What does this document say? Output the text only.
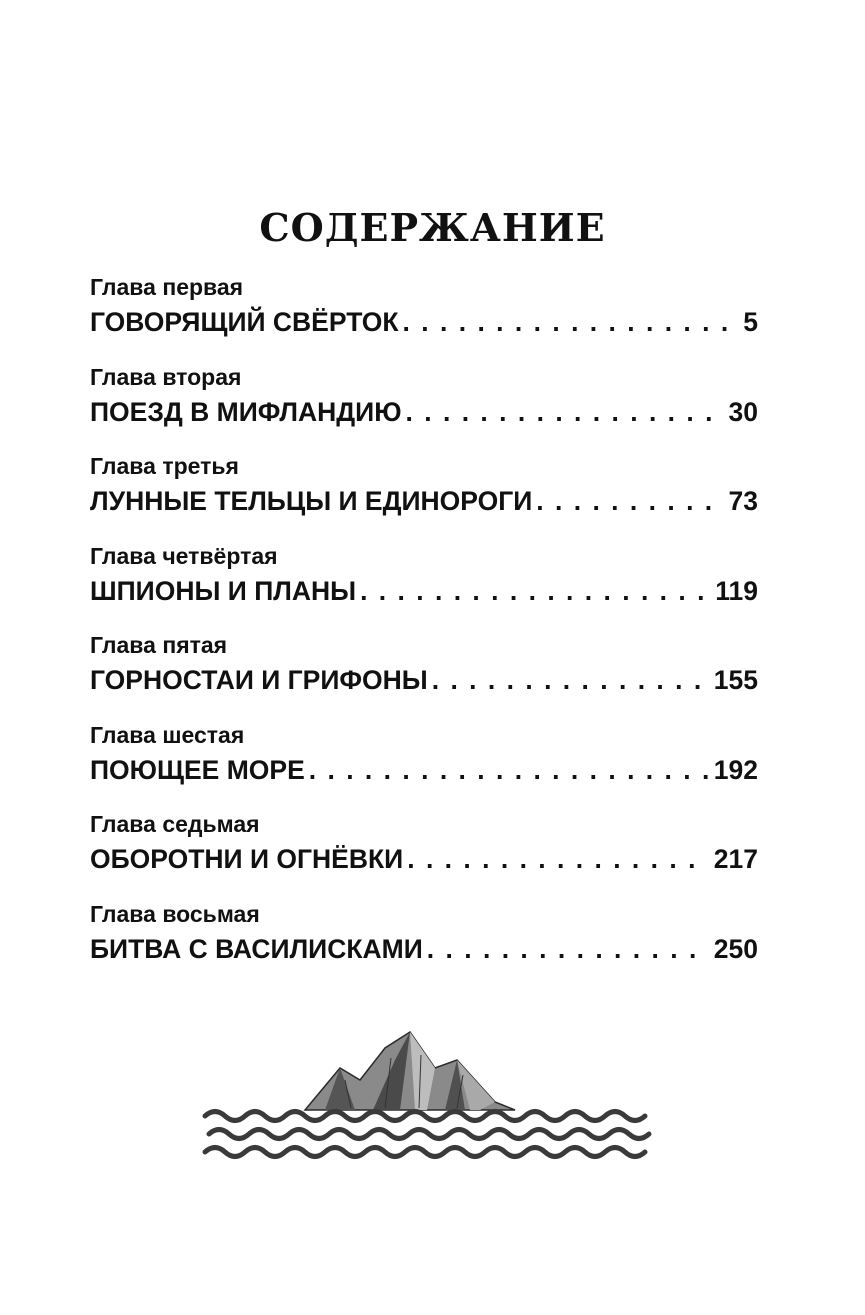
СОДЕРЖАНИЕ
Глава первая
ГОВОРЯЩИЙ СВЁРТОК . . .	5
Глава вторая
ПОЕЗД В МИФЛАНДИЮ . . .	30
Глава третья
ЛУННЫЕ ТЕЛЬЦЫ И ЕДИНОРОГИ . . .	73
Глава четвёртая
ШПИОНЫ И ПЛАНЫ . . .	119
Глава пятая
ГОРНОСТАИ И ГРИФОНЫ . . .	155
Глава шестая
ПОЮЩЕЕ МОРЕ . . .	192
Глава седьмая
ОБОРОТНИ И ОГНЁВКИ . . .	217
Глава восьмая
БИТВА С ВАСИЛИСКАМИ . . .	250
